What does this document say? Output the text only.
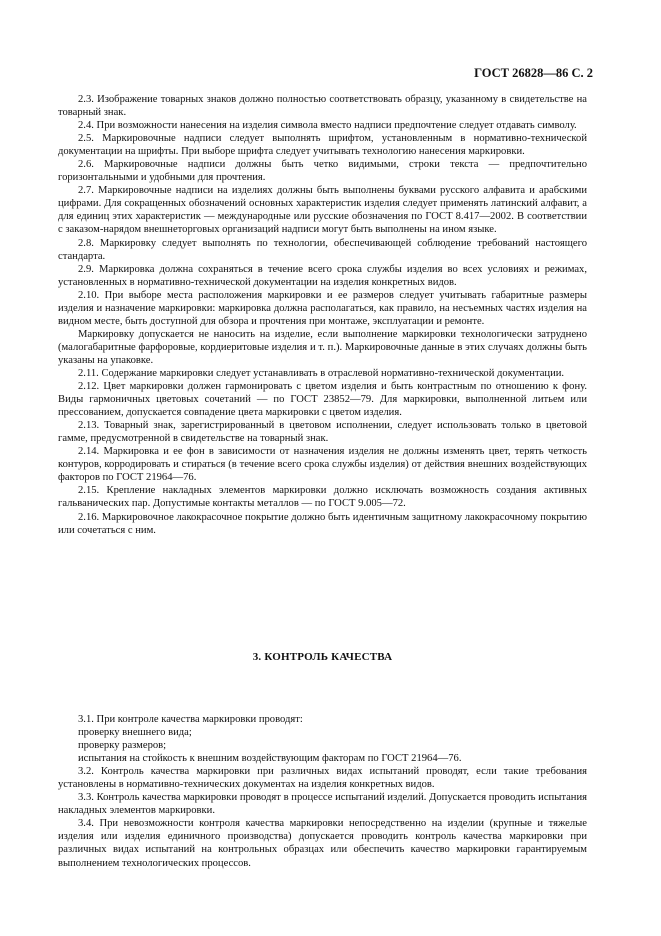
ГОСТ 26828—86 С. 2

2.3. Изображение товарных знаков должно полностью соответствовать образцу, указанному в свидетельстве на товарный знак.

2.4. При возможности нанесения на изделия символа вместо надписи предпочтение следует отдавать символу.

2.5. Маркировочные надписи следует выполнять шрифтом, установленным в нормативно-технической документации на шрифты. При выборе шрифта следует учитывать технологию нанесения маркировки.

2.6. Маркировочные надписи должны быть четко видимыми, строки текста — предпочтительно горизонтальными и удобными для прочтения.

2.7. Маркировочные надписи на изделиях должны быть выполнены буквами русского алфавита и арабскими цифрами. Для сокращенных обозначений основных характеристик изделия следует применять латинский алфавит, а для единиц этих характеристик — международные или русские обозначения по ГОСТ 8.417—2002. В соответствии с заказом-нарядом внешнеторговых организаций надписи могут быть выполнены на ином языке.

2.8. Маркировку следует выполнять по технологии, обеспечивающей соблюдение требований настоящего стандарта.

2.9. Маркировка должна сохраняться в течение всего срока службы изделия во всех условиях и режимах, установленных в нормативно-технической документации на изделия конкретных видов.

2.10. При выборе места расположения маркировки и ее размеров следует учитывать габаритные размеры изделия и назначение маркировки: маркировка должна располагаться, как правило, на несъемных частях изделия на видном месте, быть доступной для обзора и прочтения при монтаже, эксплуатации и ремонте.

Маркировку допускается не наносить на изделие, если выполнение маркировки технологически затруднено (малогабаритные фарфоровые, кордиеритовые изделия и т. п.). Маркировочные данные в этих случаях должны быть указаны на упаковке.

2.11. Содержание маркировки следует устанавливать в отраслевой нормативно-технической документации.

2.12. Цвет маркировки должен гармонировать с цветом изделия и быть контрастным по отношению к фону. Виды гармоничных цветовых сочетаний — по ГОСТ 23852—79. Для маркировки, выполненной литьем или прессованием, допускается совпадение цвета маркировки с цветом изделия.

2.13. Товарный знак, зарегистрированный в цветовом исполнении, следует использовать только в цветовой гамме, предусмотренной в свидетельстве на товарный знак.

2.14. Маркировка и ее фон в зависимости от назначения изделия не должны изменять цвет, терять четкость контуров, корродировать и стираться (в течение всего срока службы изделия) от действия внешних воздействующих факторов по ГОСТ 21964—76.

2.15. Крепление накладных элементов маркировки должно исключать возможность создания активных гальванических пар. Допустимые контакты металлов — по ГОСТ 9.005—72.

2.16. Маркировочное лакокрасочное покрытие должно быть идентичным защитному лакокрасочному покрытию или сочетаться с ним.

3. КОНТРОЛЬ КАЧЕСТВА

3.1. При контроле качества маркировки проводят:

проверку внешнего вида;

проверку размеров;

испытания на стойкость к внешним воздействующим факторам по ГОСТ 21964—76.

3.2. Контроль качества маркировки при различных видах испытаний проводят, если такие требования установлены в нормативно-технических документах на изделия конкретных видов.

3.3. Контроль качества маркировки проводят в процессе испытаний изделий. Допускается проводить испытания накладных элементов маркировки.

3.4. При невозможности контроля качества маркировки непосредственно на изделии (крупные и тяжелые изделия или изделия единичного производства) допускается проводить контроль качества маркировки при различных видах испытаний на контрольных образцах или обеспечить качество маркировки гарантируемым выполнением технологических процессов.
